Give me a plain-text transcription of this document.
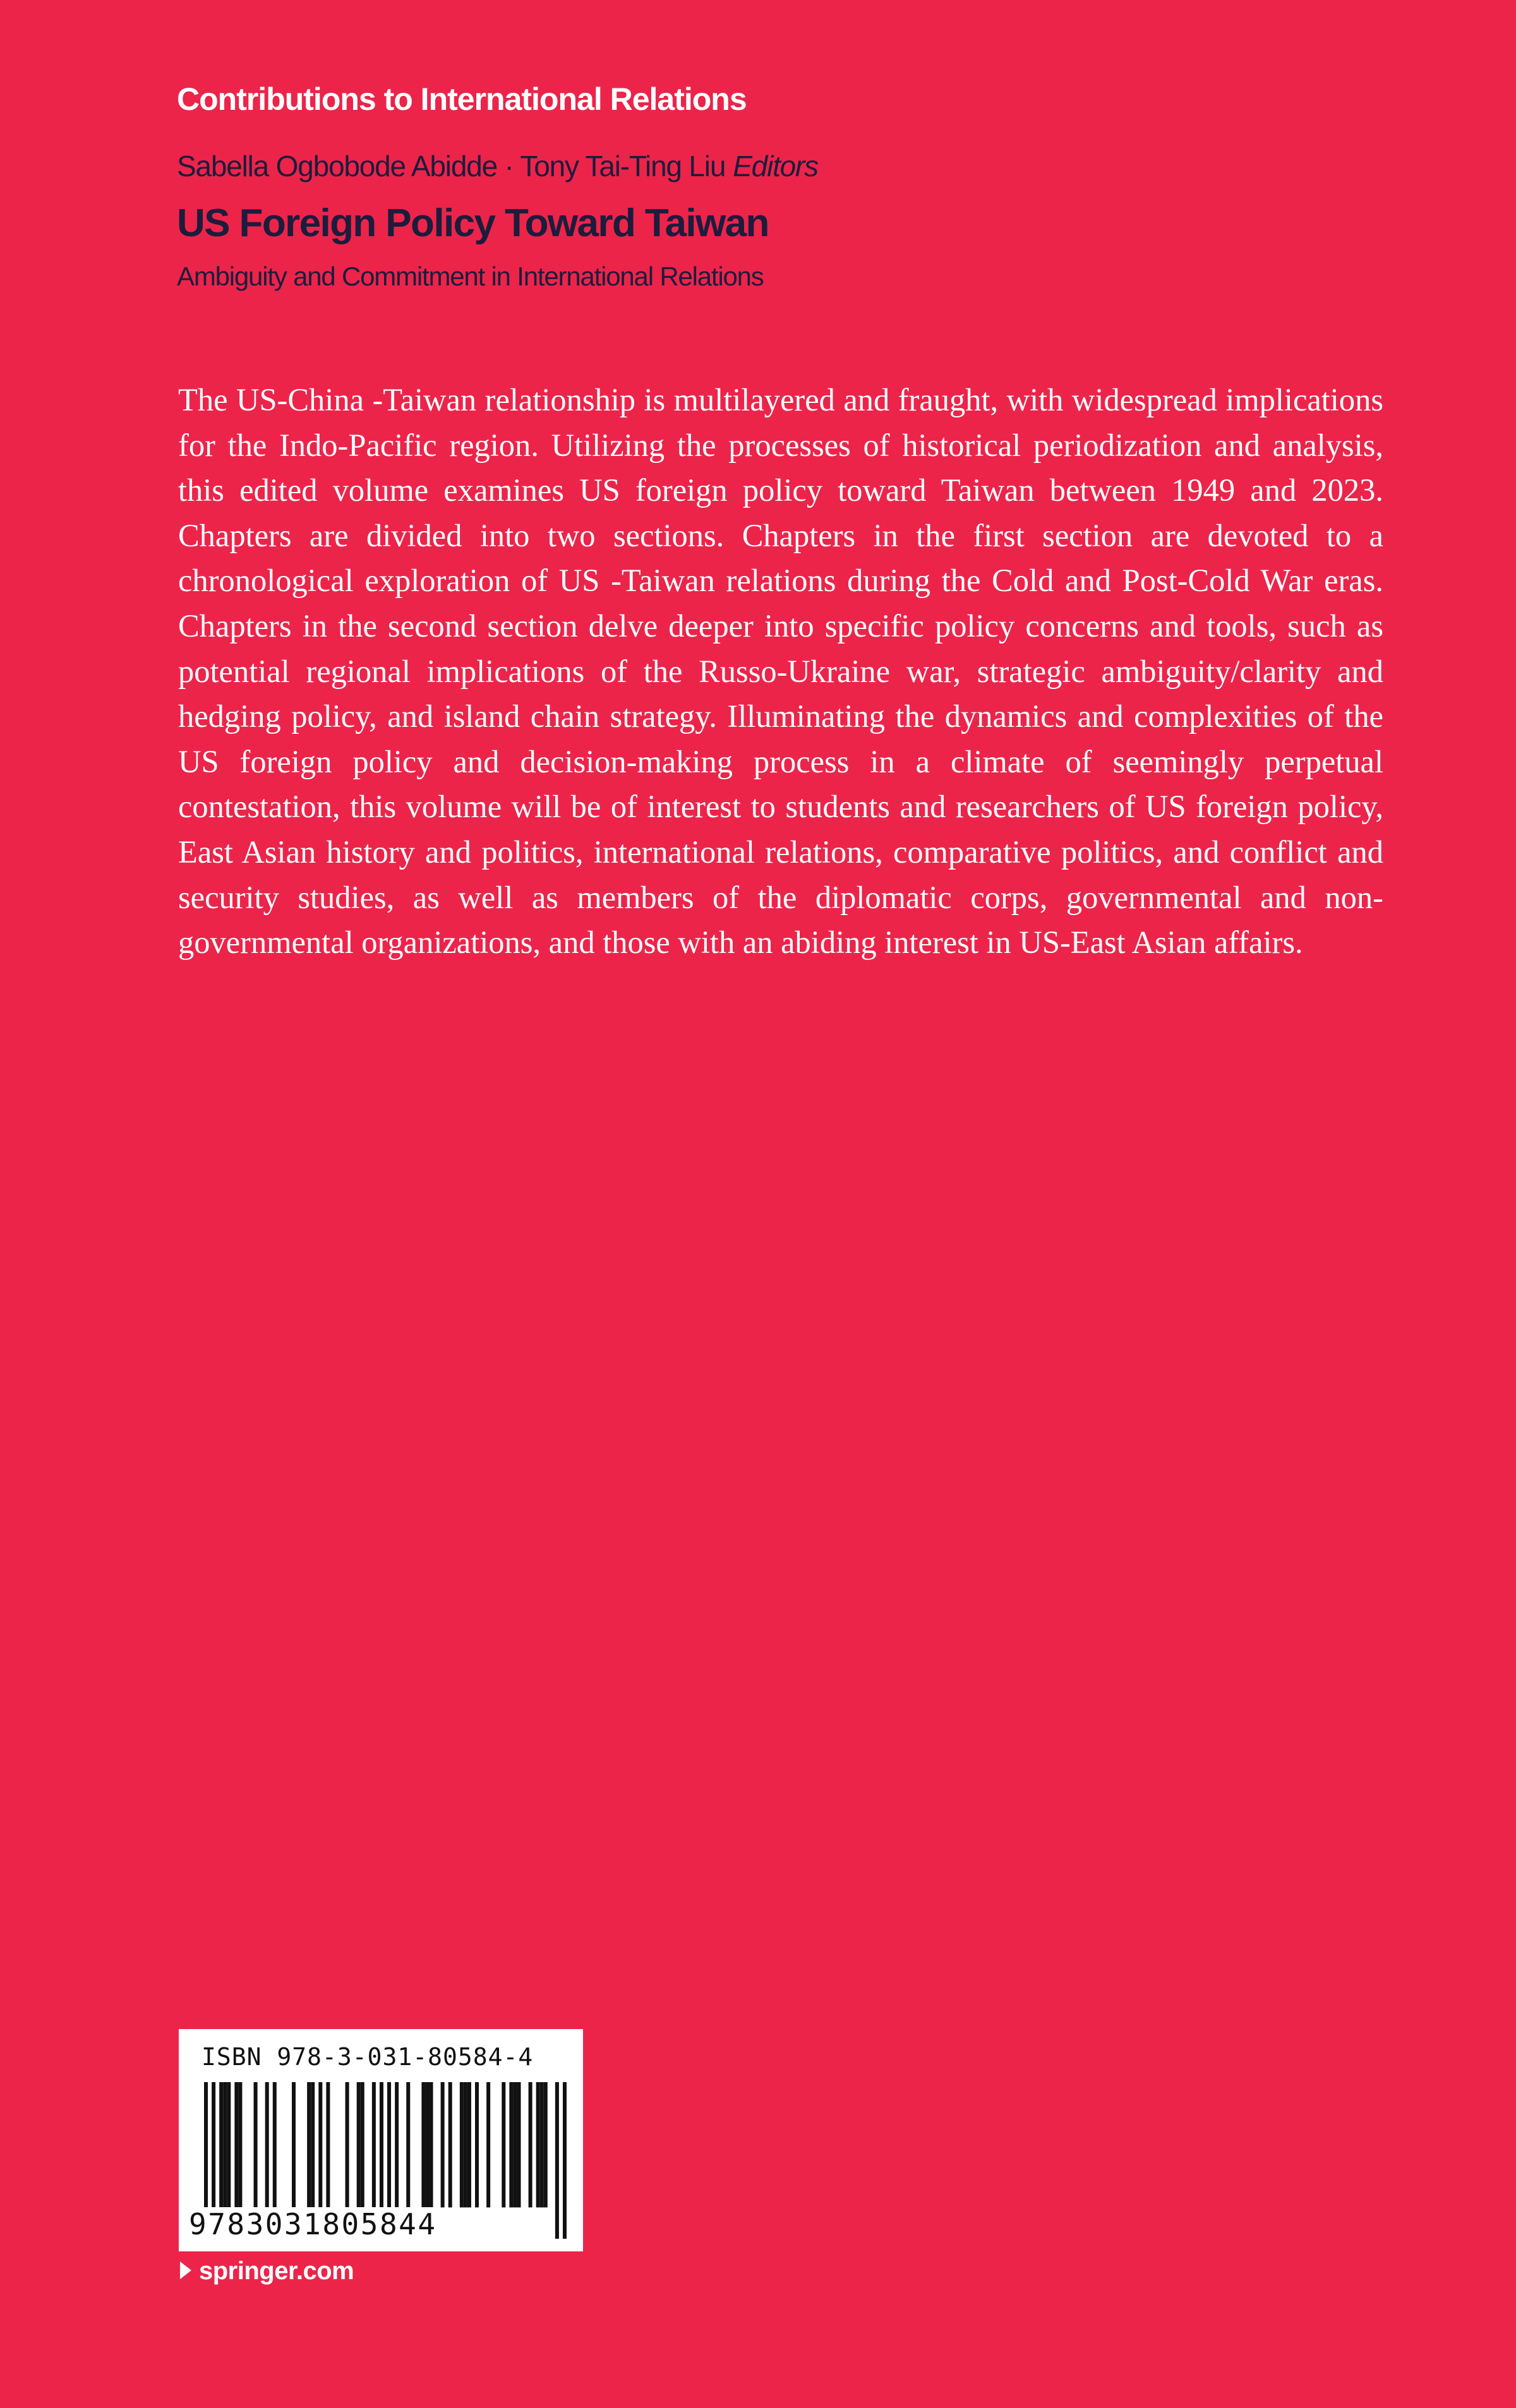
Contributions to International Relations
Sabella Ogbobode Abidde · Tony Tai-Ting Liu Editors
US Foreign Policy Toward Taiwan
Ambiguity and Commitment in International Relations

The US-China -Taiwan relationship is multilayered and fraught, with widespread implications for the Indo-Pacific region. Utilizing the processes of historical periodization and analysis, this edited volume examines US foreign policy toward Taiwan between 1949 and 2023. Chapters are divided into two sections. Chapters in the first section are devoted to a chronological exploration of US -Taiwan relations during the Cold and Post-Cold War eras. Chapters in the second section delve deeper into specific policy concerns and tools, such as potential regional implications of the Russo-Ukraine war, strategic ambiguity/clarity and hedging policy, and island chain strategy. Illuminating the dynamics and complexities of the US foreign policy and decision-making process in a climate of seemingly perpetual contestation, this volume will be of interest to students and researchers of US foreign policy, East Asian history and politics, international relations, comparative politics, and conflict and security studies, as well as members of the diplomatic corps, governmental and non-governmental organizations, and those with an abiding interest in US-East Asian affairs.

ISBN 978-3-031-80584-4
9783031805844
springer.com
